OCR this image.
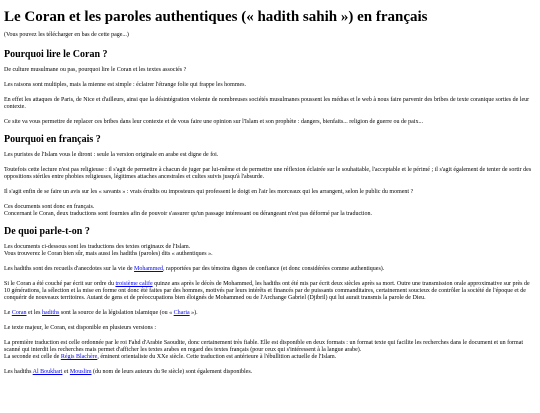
Le Coran et les paroles authentiques (« hadith sahih ») en français

(Vous pouvez les télécharger en bas de cette page...)

Pourquoi lire le Coran ?

De culture musulmane ou pas, pourquoi lire le Coran et les textes associés ?

Les raisons sont multiples, mais la mienne est simple : éclairer l'étrange folie qui frappe les hommes.

En effet les attaques de Paris, de Nice et d'ailleurs, ainsi que la désintégration violente de nombreuses sociétés musulmanes poussent les médias et le web à nous faire parvenir des bribes de texte coranique sorties de leur contexte.

Ce site va vous permettre de replacer ces bribes dans leur contexte et de vous faire une opinion sur l'Islam et son prophète : dangers, bienfaits... religion de guerre ou de paix...

Pourquoi en français ?

Les puristes de l'Islam vous le diront : seule la version originale en arabe est digne de foi.

Toutefois cette lecture n'est pas religieuse : il s'agit de permettre à chacun de juger par lui-même et de permettre une réflexion éclairée sur le souhaitable, l'acceptable et le périmé ; il s'agit également de tenter de sortir des oppositions stériles entre phobies religieuses, légitimes attaches ancestrales et cultes suivis jusqu'à l'absurde.

Il s'agit enfin de se faire un avis sur les « savants » : vrais érudits ou imposteurs qui professent le doigt en l'air les morceaux qui les arrangent, selon le public du moment ?

Ces documents sont donc en français.
Concernant le Coran, deux traductions sont fournies afin de pouvoir s'assurer qu'un passage intéressant ou dérangeant n'est pas déformé par la traduction.

De quoi parle-t-on ?

Les documents ci-dessous sont les traductions des textes originaux de l'Islam.
Vous trouverez le Coran bien sûr, mais aussi les hadiths (paroles) dits « authentiques ».

Les hadiths sont des recueils d'anecdotes sur la vie de Mohammed, rapportées par des témoins dignes de confiance (et donc considérées comme authentiques).

Si le Coran a été couché par écrit sur ordre du troisième calife quinze ans après le décès de Mohammed, les hadiths ont été mis par écrit deux siècles après sa mort. Outre une transmission orale approximative sur près de 10 générations, la sélection et la mise en forme ont donc été faites par des hommes, motivés par leurs intérêts et financés par de puissants commanditaires, certainement soucieux de contrôler la société de l'époque et de conquérir de nouveaux territoires. Autant de gens et de préoccupations bien éloignés de Mohammed ou de l'Archange Gabriel (Djibril) qui lui aurait transmis la parole de Dieu.

Le Coran et les hadiths sont la source de la législation islamique (ou « Charia »).

Le texte majeur, le Coran, est disponible en plusieurs versions :

La première traduction est celle ordonnée par le roi Fahd d'Arabie Saoudite, donc certainement très fiable. Elle est disponible en deux formats : un format texte qui facilite les recherches dans le document et un format scanné qui interdit les recherches mais permet d'afficher les textes arabes en regard des textes français (pour ceux qui s'intéressent à la langue arabe).
La seconde est celle de Régis Blachère, éminent orientaliste du XXe siècle. Cette traduction est antérieure à l'ébullition actuelle de l'Islam.

Les hadiths Al Boukhari et Mouslim (du nom de leurs auteurs du 9e siècle) sont également disponibles.
